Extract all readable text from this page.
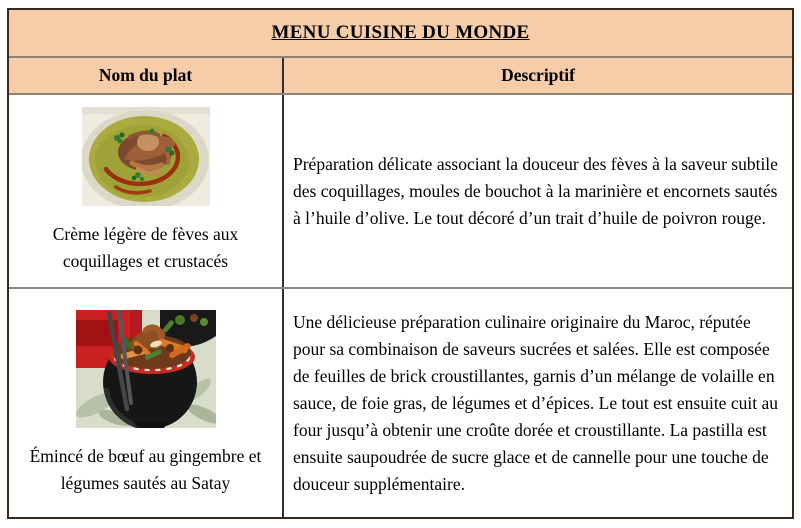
MENU CUISINE DU MONDE
Nom du plat	Descriptif
Crème légère de fèves aux coquillages et crustacés
Préparation délicate associant la douceur des fèves à la saveur subtile des coquillages, moules de bouchot à la marinière et encornets sautés à l’huile d’olive. Le tout décoré d’un trait d’huile de poivron rouge.
Émincé de bœuf au gingembre et légumes sautés au Satay
Une délicieuse préparation culinaire originaire du Maroc, réputée pour sa combinaison de saveurs sucrées et salées. Elle est composée de feuilles de brick croustillantes, garnis d’un mélange de volaille en sauce, de foie gras, de légumes et d’épices. Le tout est ensuite cuit au four jusqu’à obtenir une croûte dorée et croustillante. La pastilla est ensuite saupoudrée de sucre glace et de cannelle pour une touche de douceur supplémentaire.
